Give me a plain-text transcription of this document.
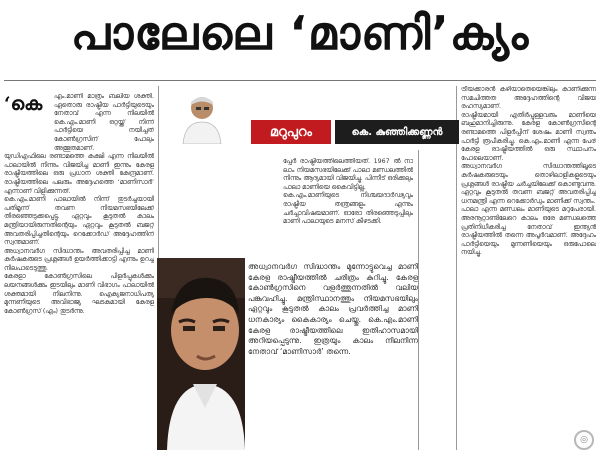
പാലേലെ ‘മാണി’ക്യം

എം.മാണി മാത്രം ബലിയ ശക്തി. ഏതൊരു രാഷ്ട്രീയ പാർട്ടിയുടെയും നേതാവ് എന്ന നിലയിൽ കെ.എം.മാണി ഒറ്റയ്ക്ക് നിന്ന് പാർട്ടിയെ നയിച്ചത് കോൺഗ്രസിന് പോലും അത്ഭുതമാണ്.

യുഡിഎഫിലെ രണ്ടാമത്തെ കക്ഷി എന്ന നിലയിൽ പാലായിൽ നിന്നും വിജയിച്ച മാണി ഇന്നും കേരള രാഷ്ട്രീയത്തിലെ ഒരു പ്രധാന ശക്തി കേന്ദ്രമാണ്. രാഷ്ട്രീയത്തിലെ പലരും അദ്ദേഹത്തെ ‘മാണിസാർ’ എന്നാണ് വിളിക്കുന്നത്.

കെ.എം.മാണി പാലായിൽ നിന്ന് തുടർച്ചയായി പതിമൂന്ന് തവണ നിയമസഭയിലേക്ക് തിരഞ്ഞെടുക്കപ്പെട്ടു. ഏറ്റവും കൂടുതൽ കാലം മന്ത്രിയായിരുന്നതിന്റെയും ഏറ്റവും കൂടുതൽ ബജറ്റ് അവതരിപ്പിച്ചതിന്റെയും റെക്കോർഡ് അദ്ദേഹത്തിന് സ്വന്തമാണ്.

അധ്വാനവർഗ സിദ്ധാന്തം അവതരിപ്പിച്ച മാണി കർഷകരുടെ പ്രശ്നങ്ങൾ ഉയർത്തിക്കാട്ടി എന്നും ഉറച്ച നിലപാടെടുത്തു.

കേരളാ കോൺഗ്രസിലെ പിളർപ്പുകൾക്കും ലയനങ്ങൾക്കും ഇടയിലും മാണി വിഭാഗം പാലായിൽ ശക്തമായി നിലനിന്നു. ഐക്യജനാധിപത്യ മുന്നണിയുടെ അവിഭാജ്യ ഘടകമായി കേരള കോൺഗ്രസ് (എം) തുടർന്നു.

‘കെ
മറുപുറം	കെ. കുഞ്ഞിക്കണ്ണൻ

പ്പേർ രാഷ്ട്രീയത്തിലെത്തിയത്. 1967 ൽ നാ ലാം നിയമസഭയിലേക്ക് പാലാ മണ്ഡലത്തിൽ നിന്നും ആദ്യമായി വിജയിച്ചു. പിന്നീട് ഒരിക്കലും പാലാ മാണിയെ കൈവിട്ടില്ല.

കെ.എം.മാണിയുടെ നിശ്ചയദാർഢ്യവും രാഷ്ട്രീയ തന്ത്രങ്ങളും എന്നും ചർച്ചാവിഷയമാണ്. ഓരോ തിരഞ്ഞെടുപ്പിലും മാണി പാലായുടെ മനസ് കീഴടക്കി.

അധ്വാനവർഗ സിദ്ധാന്തം മുന്നോട്ടുവെച്ച മാണി കേരള രാഷ്ട്രീയത്തിൽ ചരിത്രം കുറിച്ചു. കേരള കോൺഗ്രസിനെ വളർത്തുന്നതിൽ വലിയ പങ്കുവഹിച്ചു. മന്ത്രിസ്ഥാനത്തും നിയമസഭയിലും ഏറ്റവും കൂടുതൽ കാലം പ്രവർത്തിച്ച മാണി ധനകാര്യം കൈകാര്യം ചെയ്തു. കെ.എം.മാണി കേരള രാഷ്ട്രീയത്തിലെ ഇതിഹാസമായി അറിയപ്പെടുന്നു. ഇത്രയും കാലം നിലനിന്ന നേതാവ് ‘മാണിസാർ’ തന്നെ.

ട്രീയക്കാരൻ കഴിയാതെയെങ്കിലും കാണിക്കുന്ന സമചിത്തത അദ്ദേഹത്തിന്റെ വിജയ രഹസ്യമാണ്.

രാഷ്ട്രീയമായി എതിർപ്പുള്ളവരും മാണിയെ ബഹുമാനിച്ചിരുന്നു. കേരള കോൺഗ്രസിന്റെ രണ്ടാമത്തെ പിളർപ്പിന് ശേഷം മാണി സ്വന്തം പാർട്ടി രൂപീകരിച്ചു. കെ.എം.മാണി എന്ന പേര് കേരള രാഷ്ട്രീയത്തിൽ ഒരു സ്ഥാപനം പോലെയാണ്.

അധ്വാനവർഗ സിദ്ധാന്തത്തിലൂടെ കർഷകരുടെയും തൊഴിലാളികളുടെയും പ്രശ്നങ്ങൾ രാഷ്ട്രീയ ചർച്ചയിലേക്ക് കൊണ്ടുവന്നു. ഏറ്റവും കൂടുതൽ തവണ ബജറ്റ് അവതരിപ്പിച്ച ധനമന്ത്രി എന്ന റെക്കോർഡും മാണിക്ക് സ്വന്തം.

പാലാ എന്ന മണ്ഡലം മാണിയുടെ മറുപേരായി. അരനൂറ്റാണ്ടിലേറെ കാലം ഒരേ മണ്ഡലത്തെ പ്രതിനിധീകരിച്ച നേതാവ് ഇന്ത്യൻ രാഷ്ട്രീയത്തിൽ തന്നെ അപൂർവമാണ്. അദ്ദേഹം പാർട്ടിയെയും മുന്നണിയെയും ഒരുപോലെ നയിച്ചു.

◎
